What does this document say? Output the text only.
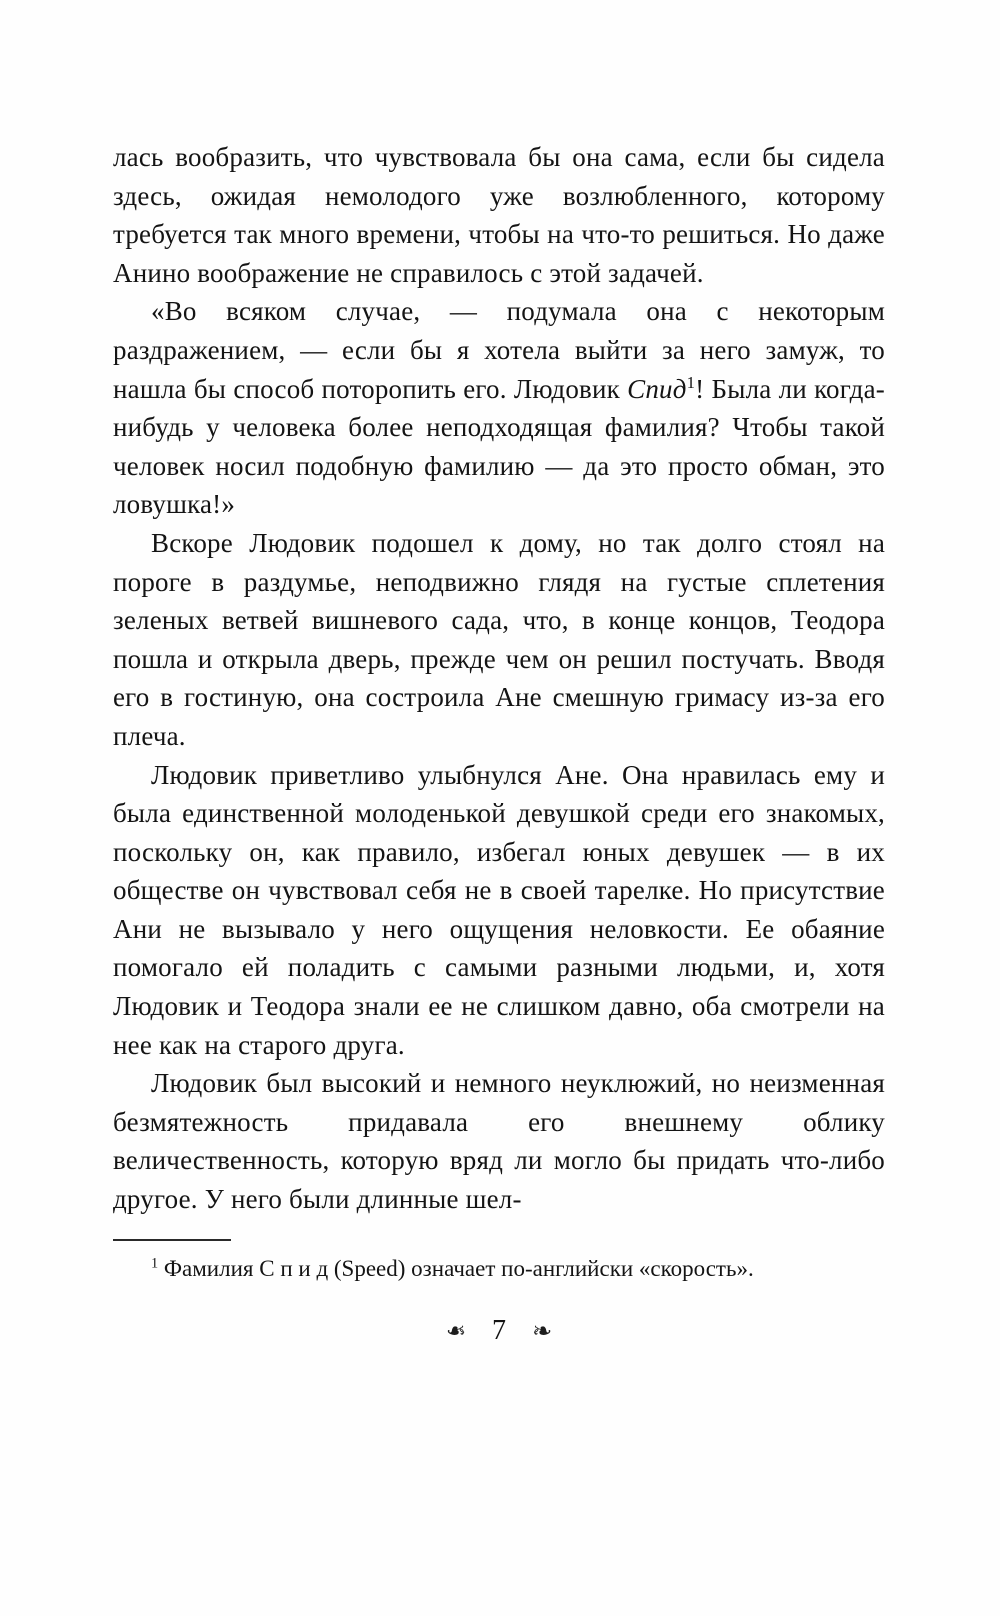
лась вообразить, что чувствовала бы она сама, если бы сидела здесь, ожидая немолодого уже возлюбленного, которому требуется так много времени, чтобы на что-то решиться. Но даже Анино воображение не справилось с этой задачей.

«Во всяком случае, — подумала она с некоторым раздражением, — если бы я хотела выйти за него замуж, то нашла бы способ поторопить его. Людовик Спид$^1$! Была ли когда-нибудь у человека более неподходящая фамилия? Чтобы такой человек носил подобную фамилию — да это просто обман, это ловушка!»

Вскоре Людовик подошел к дому, но так долго стоял на пороге в раздумье, неподвижно глядя на густые сплетения зеленых ветвей вишневого сада, что, в конце концов, Теодора пошла и открыла дверь, прежде чем он решил постучать. Вводя его в гостиную, она состроила Ане смешную гримасу из-за его плеча.

Людовик приветливо улыбнулся Ане. Она нравилась ему и была единственной молоденькой девушкой среди его знакомых, поскольку он, как правило, избегал юных девушек — в их обществе он чувствовал себя не в своей тарелке. Но присутствие Ани не вызывало у него ощущения неловкости. Ее обаяние помогало ей поладить с самыми разными людьми, и, хотя Людовик и Теодора знали ее не слишком давно, оба смотрели на нее как на старого друга.

Людовик был высокий и немного неуклюжий, но неизменная безмятежность придавала его внешнему облику величественность, которую вряд ли могло бы придать что-либо другое. У него были длинные шел-

$^1$ Фамилия С п и д (Speed) означает по-английски «скорость».
❧ 7 ❧
